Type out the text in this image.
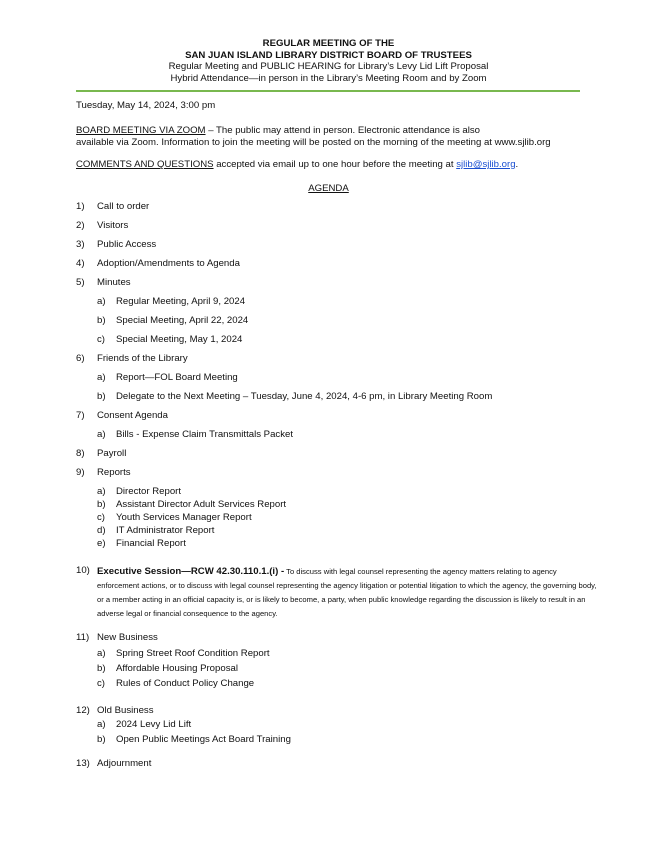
REGULAR MEETING OF THE
SAN JUAN ISLAND LIBRARY DISTRICT BOARD OF TRUSTEES
Regular Meeting and PUBLIC HEARING for Library’s Levy Lid Lift Proposal
Hybrid Attendance—in person in the Library’s Meeting Room and by Zoom
Tuesday, May 14, 2024, 3:00 pm
BOARD MEETING VIA ZOOM – The public may attend in person. Electronic attendance is also
available via Zoom. Information to join the meeting will be posted on the morning of the meeting at www.sjlib.org
COMMENTS AND QUESTIONS accepted via email up to one hour before the meeting at sjlib@sjlib.org.
AGENDA
1) Call to order
2) Visitors
3) Public Access
4) Adoption/Amendments to Agenda
5) Minutes
a) Regular Meeting, April 9, 2024
b) Special Meeting, April 22, 2024
c) Special Meeting, May 1, 2024
6) Friends of the Library
a) Report—FOL Board Meeting
b) Delegate to the Next Meeting – Tuesday, June 4, 2024, 4-6 pm, in Library Meeting Room
7) Consent Agenda
a) Bills - Expense Claim Transmittals Packet
8) Payroll
9) Reports
a) Director Report
b) Assistant Director Adult Services Report
c) Youth Services Manager Report
d) IT Administrator Report
e) Financial Report
10) Executive Session—RCW 42.30.110.1.(i) - To discuss with legal counsel representing the agency matters relating to agency enforcement actions, or to discuss with legal counsel representing the agency litigation or potential litigation to which the agency, the governing body, or a member acting in an official capacity is, or is likely to become, a party, when public knowledge regarding the discussion is likely to result in an adverse legal or financial consequence to the agency.
11) New Business
a) Spring Street Roof Condition Report
b) Affordable Housing Proposal
c) Rules of Conduct Policy Change
12) Old Business
a) 2024 Levy Lid Lift
b) Open Public Meetings Act Board Training
13) Adjournment
